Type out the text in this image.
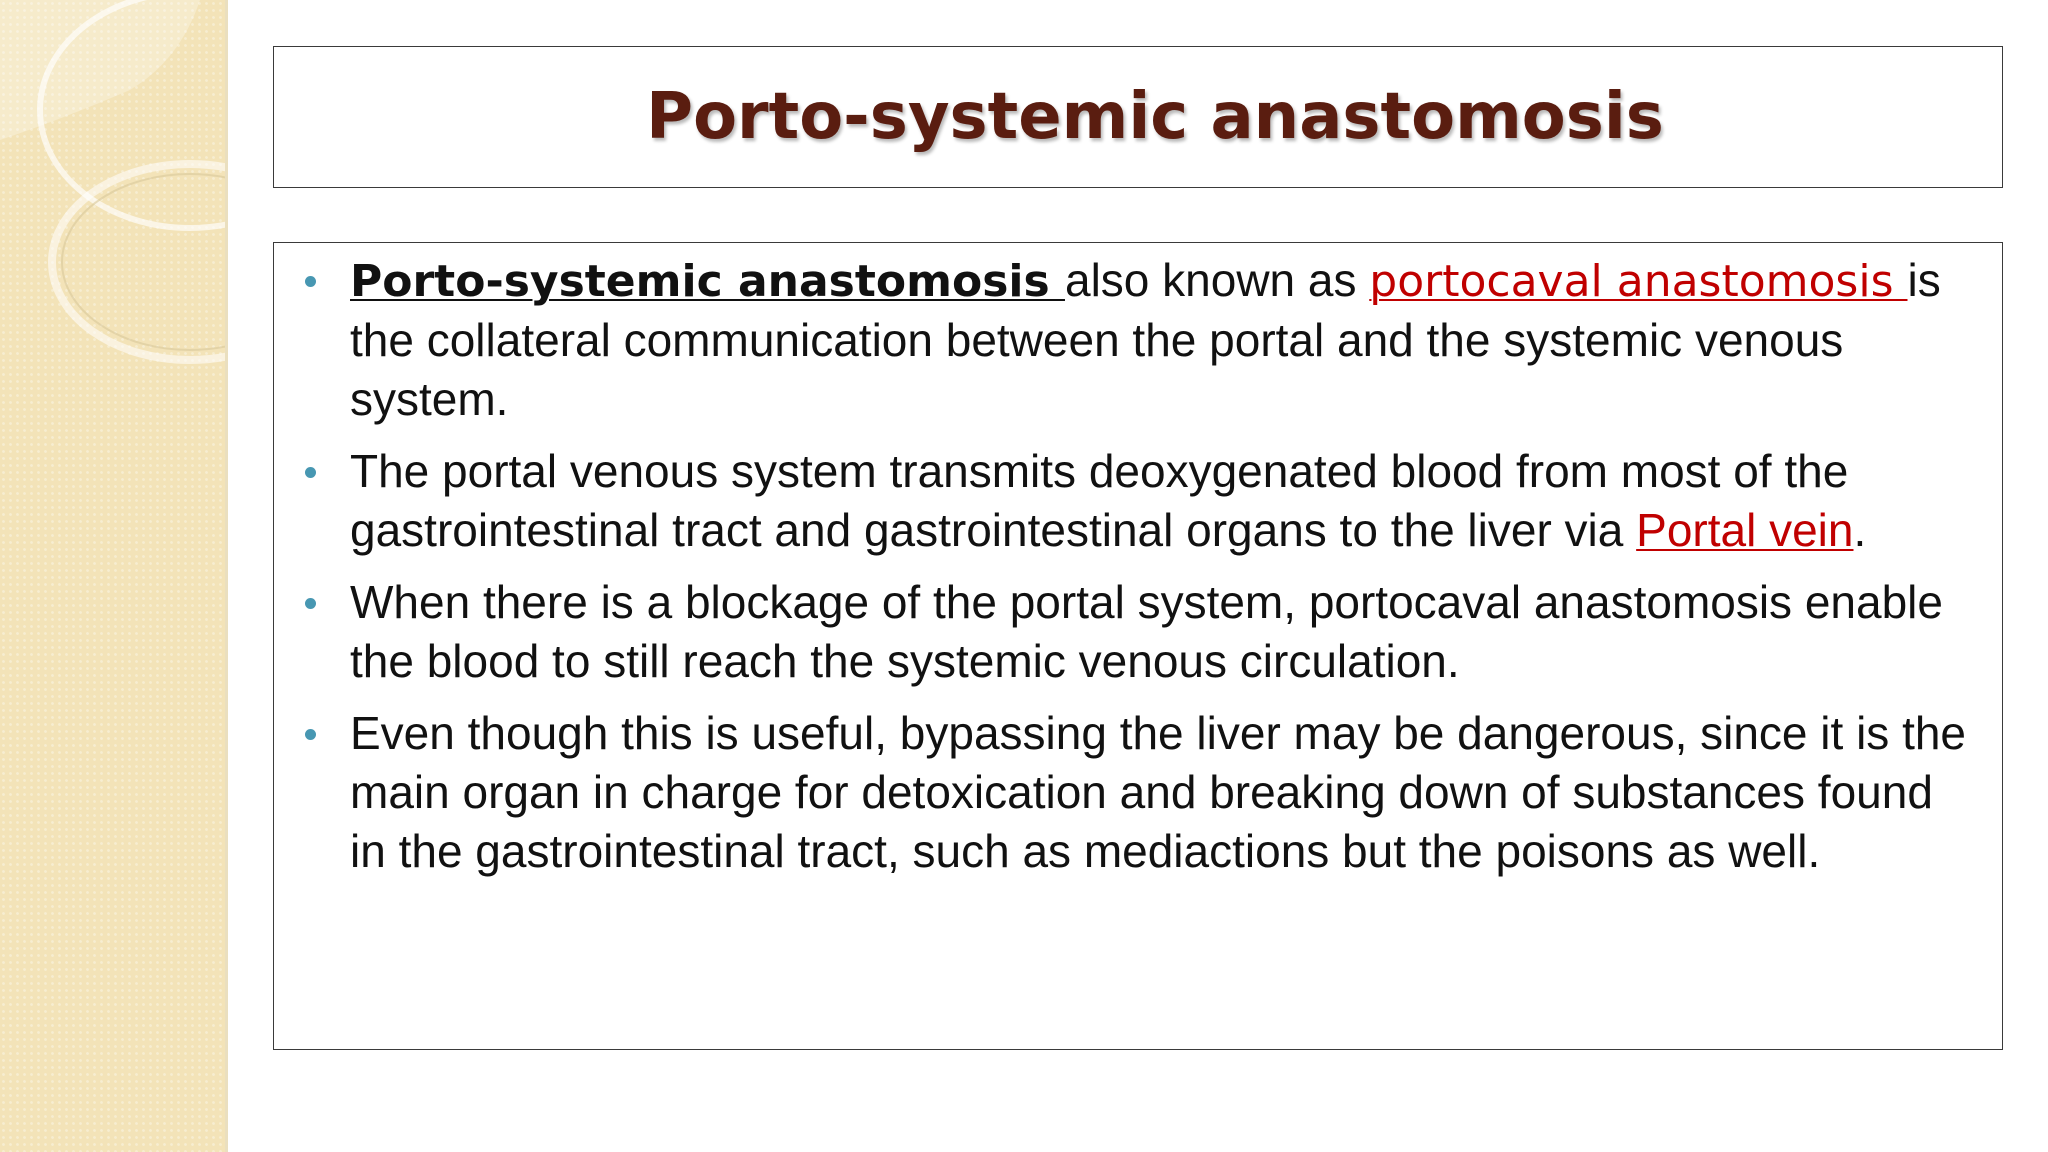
Porto-systemic anastomosis
Porto-systemic anastomosis also known as portocaval anastomosis is the collateral communication between the portal and the systemic venous system.
The portal venous system transmits deoxygenated blood from most of the gastrointestinal tract and gastrointestinal organs to the liver via Portal vein.
When there is a blockage of the portal system, portocaval anastomosis enable the blood to still reach the systemic venous circulation.
Even though this is useful, bypassing the liver may be dangerous, since it is the main organ in charge for detoxication and breaking down of substances found in the gastrointestinal tract, such as mediactions but the poisons as well.
